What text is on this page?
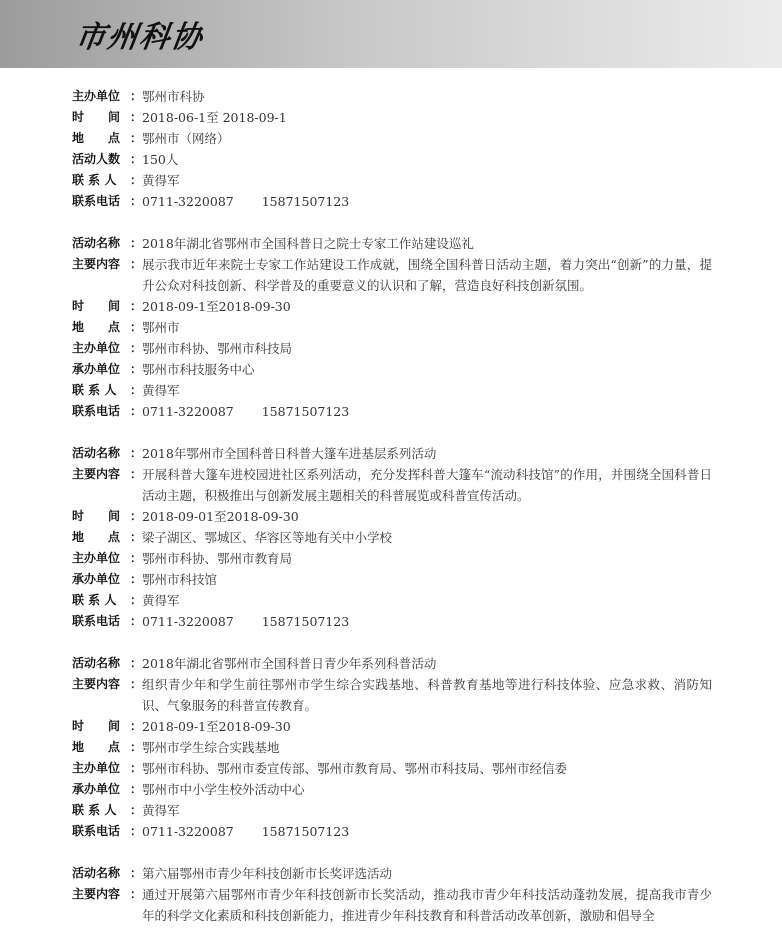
市州科协
主办单位 ： 鄂州市科协
时　　间 ： 2018-06-1至 2018-09-1
地　　点 ： 鄂州市（网络）
活动人数 ： 150人
联 系 人	： 黄得军
联系电话 ： 0711-3220087 15871507123
活动名称 ： 2018年湖北省鄂州市全国科普日之院士专家工作站建设巡礼
主要内容 ： 展示我市近年来院士专家工作站建设工作成就，围绕全国科普日活动主题，着力突出“创新”的力量，提升公众对科技创新、科学普及的重要意义的认识和了解，营造良好科技创新氛围。
时　　间 ： 2018-09-1至2018-09-30
地　　点 ： 鄂州市
主办单位 ： 鄂州市科协、鄂州市科技局
承办单位 ： 鄂州市科技服务中心
联 系 人	： 黄得军
联系电话 ： 0711-3220087 15871507123
活动名称 ： 2018年鄂州市全国科普日科普大篷车进基层系列活动
主要内容 ： 开展科普大篷车进校园进社区系列活动，充分发挥科普大篷车“流动科技馆”的作用，并围绕全国科普日活动主题，积极推出与创新发展主题相关的科普展览或科普宣传活动。
时　　间 ： 2018-09-01至2018-09-30
地　　点 ： 梁子湖区、鄂城区、华容区等地有关中小学校
主办单位 ： 鄂州市科协、鄂州市教育局
承办单位 ： 鄂州市科技馆
联 系 人	： 黄得军
联系电话 ： 0711-3220087 15871507123
活动名称 ： 2018年湖北省鄂州市全国科普日青少年系列科普活动
主要内容 ： 组织青少年和学生前往鄂州市学生综合实践基地、科普教育基地等进行科技体验、应急求救、消防知识、气象服务的科普宣传教育。
时　　间 ： 2018-09-1至2018-09-30
地　　点 ： 鄂州市学生综合实践基地
主办单位 ： 鄂州市科协、鄂州市委宣传部、鄂州市教育局、鄂州市科技局、鄂州市经信委
承办单位 ： 鄂州市中小学生校外活动中心
联 系 人	： 黄得军
联系电话 ： 0711-3220087 15871507123
活动名称 ： 第六届鄂州市青少年科技创新市长奖评选活动
主要内容 ： 通过开展第六届鄂州市青少年科技创新市长奖活动，推动我市青少年科技活动蓬勃发展，提高我市青少年的科学文化素质和科技创新能力，推进青少年科技教育和科普活动改革创新，激励和倡导全
